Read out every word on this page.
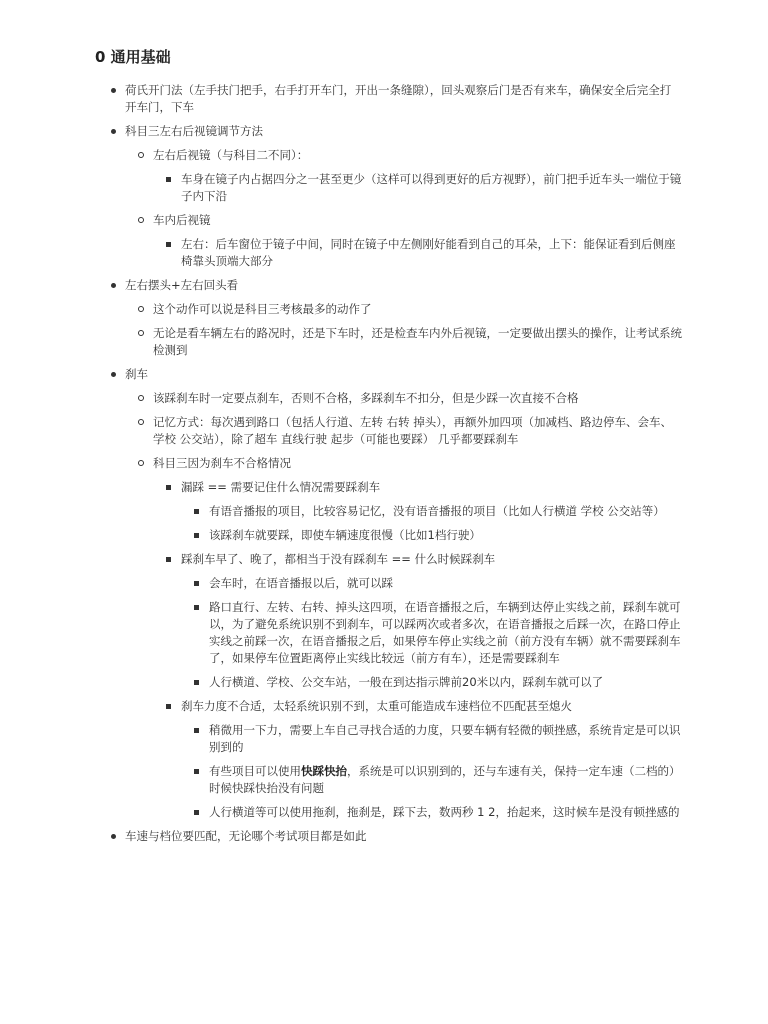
0 通用基础
荷氏开门法（左手扶门把手，右手打开车门，开出一条缝隙），回头观察后门是否有来车，确保安全后完全打开车门，下车
科目三左右后视镜调节方法
左右后视镜（与科目二不同）：
车身在镜子内占据四分之一甚至更少（这样可以得到更好的后方视野），前门把手近车头一端位于镜子内下沿
车内后视镜
左右：后车窗位于镜子中间，同时在镜子中左侧刚好能看到自己的耳朵，上下：能保证看到后侧座椅靠头顶端大部分
左右摆头+左右回头看
这个动作可以说是科目三考核最多的动作了
无论是看车辆左右的路况时，还是下车时，还是检查车内外后视镜，一定要做出摆头的操作，让考试系统检测到
刹车
该踩刹车时一定要点刹车，否则不合格，多踩刹车不扣分，但是少踩一次直接不合格
记忆方式：每次遇到路口（包括人行道、左转 右转 掉头），再额外加四项（加减档、路边停车、会车、学校 公交站），除了超车 直线行驶 起步（可能也要踩） 几乎都要踩刹车
科目三因为刹车不合格情况
漏踩 == 需要记住什么情况需要踩刹车
有语音播报的项目，比较容易记忆，没有语音播报的项目（比如人行横道 学校 公交站等）
该踩刹车就要踩，即使车辆速度很慢（比如1档行驶）
踩刹车早了、晚了，都相当于没有踩刹车 == 什么时候踩刹车
会车时，在语音播报以后，就可以踩
路口直行、左转、右转、掉头这四项，在语音播报之后，车辆到达停止实线之前，踩刹车就可以，为了避免系统识别不到刹车，可以踩两次或者多次，在语音播报之后踩一次，在路口停止实线之前踩一次，在语音播报之后，如果停车停止实线之前（前方没有车辆）就不需要踩刹车了，如果停车位置距离停止实线比较远（前方有车），还是需要踩刹车
人行横道、学校、公交车站，一般在到达指示牌前20米以内，踩刹车就可以了
刹车力度不合适，太轻系统识别不到，太重可能造成车速档位不匹配甚至熄火
稍微用一下力，需要上车自己寻找合适的力度，只要车辆有轻微的顿挫感，系统肯定是可以识别到的
有些项目可以使用快踩快抬，系统是可以识别到的，还与车速有关，保持一定车速（二档的）时候快踩快抬没有问题
人行横道等可以使用拖刹，拖刹是，踩下去，数两秒 1 2，抬起来，这时候车是没有顿挫感的
车速与档位要匹配，无论哪个考试项目都是如此
